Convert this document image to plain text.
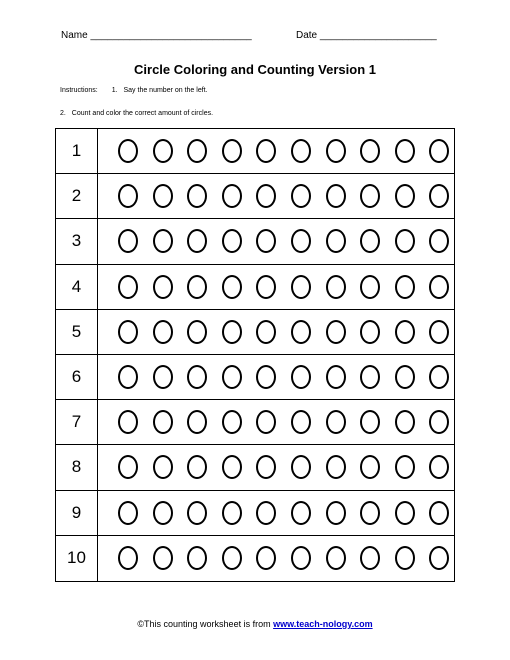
Name _____________________________	Date _____________________
Circle Coloring and Counting Version 1
Instructions: 1. Say the number on the left.
2. Count and color the correct amount of circles.
1
2
3
4
5
6
7
8
9
10
©This counting worksheet is from www.teach-nology.com
